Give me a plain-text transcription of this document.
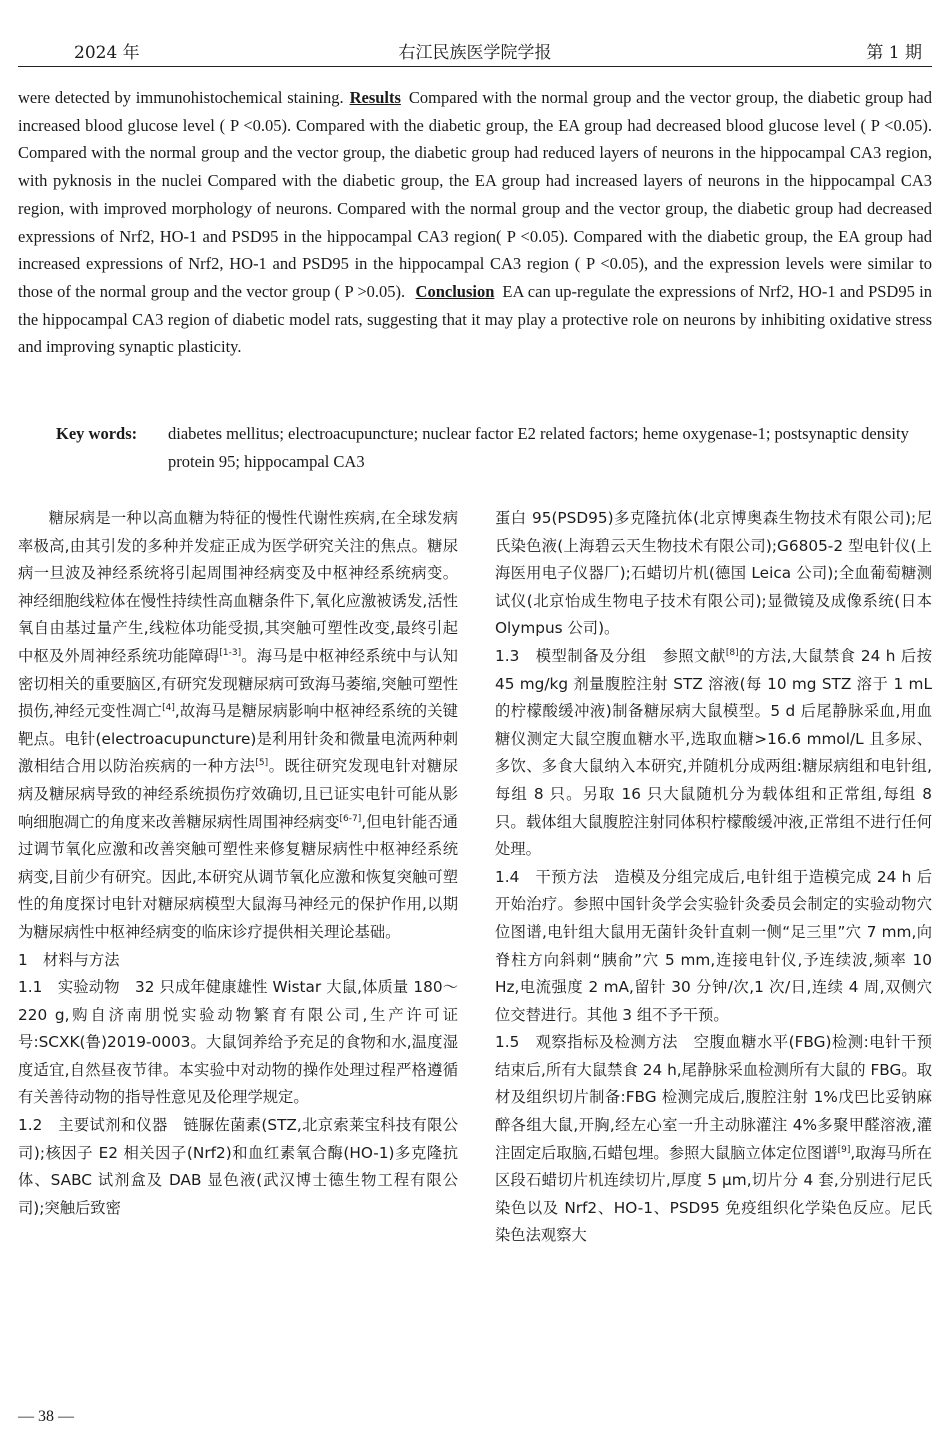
2024 年	右江民族医学院学报	第 1 期
were detected by immunohistochemical staining. Results Compared with the normal group and the vector group, the diabetic group had increased blood glucose level ( P <0.05). Compared with the diabetic group, the EA group had decreased blood glucose level ( P <0.05). Compared with the normal group and the vector group, the diabetic group had reduced layers of neurons in the hippocampal CA3 region, with pyknosis in the nuclei Compared with the diabetic group, the EA group had increased layers of neurons in the hippocampal CA3 region, with improved morphology of neurons. Compared with the normal group and the vector group, the diabetic group had decreased expressions of Nrf2, HO-1 and PSD95 in the hippocampal CA3 region( P <0.05). Compared with the diabetic group, the EA group had increased expressions of Nrf2, HO-1 and PSD95 in the hippocampal CA3 region ( P <0.05), and the expression levels were similar to those of the normal group and the vector group ( P >0.05). Conclusion EA can up-regulate the expressions of Nrf2, HO-1 and PSD95 in the hippocampal CA3 region of diabetic model rats, suggesting that it may play a protective role on neurons by inhibiting oxidative stress and improving synaptic plasticity.
Key words: diabetes mellitus; electroacupuncture; nuclear factor E2 related factors; heme oxygenase-1; postsynaptic density protein 95; hippocampal CA3

糖尿病是一种以高血糖为特征的慢性代谢性疾病,在全球发病率极高,由其引发的多种并发症正成为医学研究关注的焦点。糖尿病一旦波及神经系统将引起周围神经病变及中枢神经系统病变。神经细胞线粒体在慢性持续性高血糖条件下,氧化应激被诱发,活性氧自由基过量产生,线粒体功能受损,其突触可塑性改变,最终引起中枢及外周神经系统功能障碍[1-3]。海马是中枢神经系统中与认知密切相关的重要脑区,有研究发现糖尿病可致海马萎缩,突触可塑性损伤,神经元变性凋亡[4],故海马是糖尿病影响中枢神经系统的关键靶点。电针(electroacupuncture)是利用针灸和微量电流两种刺激相结合用以防治疾病的一种方法[5]。既往研究发现电针对糖尿病及糖尿病导致的神经系统损伤疗效确切,且已证实电针可能从影响细胞凋亡的角度来改善糖尿病性周围神经病变[6-7],但电针能否通过调节氧化应激和改善突触可塑性来修复糖尿病性中枢神经系统病变,目前少有研究。因此,本研究从调节氧化应激和恢复突触可塑性的角度探讨电针对糖尿病模型大鼠海马神经元的保护作用,以期为糖尿病性中枢神经病变的临床诊疗提供相关理论基础。

1　材料与方法

1.1　实验动物　32 只成年健康雄性 Wistar 大鼠,体质量 180～220 g,购自济南朋悦实验动物繁育有限公司,生产许可证号:SCXK(鲁)2019-0003。大鼠饲养给予充足的食物和水,温度湿度适宜,自然昼夜节律。本实验中对动物的操作处理过程严格遵循有关善待动物的指导性意见及伦理学规定。

1.2　主要试剂和仪器　链脲佐菌素(STZ,北京索莱宝科技有限公司);核因子 E2 相关因子(Nrf2)和血红素氧合酶(HO-1)多克隆抗体、SABC 试剂盒及 DAB 显色液(武汉博士德生物工程有限公司);突触后致密

蛋白 95(PSD95)多克隆抗体(北京博奥森生物技术有限公司);尼氏染色液(上海碧云天生物技术有限公司);G6805-2 型电针仪(上海医用电子仪器厂);石蜡切片机(德国 Leica 公司);全血葡萄糖测试仪(北京怡成生物电子技术有限公司);显微镜及成像系统(日本 Olympus 公司)。

1.3　模型制备及分组　参照文献[8]的方法,大鼠禁食 24 h 后按 45 mg/kg 剂量腹腔注射 STZ 溶液(每 10 mg STZ 溶于 1 mL 的柠檬酸缓冲液)制备糖尿病大鼠模型。5 d 后尾静脉采血,用血糖仪测定大鼠空腹血糖水平,选取血糖>16.6 mmol/L 且多尿、多饮、多食大鼠纳入本研究,并随机分成两组:糖尿病组和电针组,每组 8 只。另取 16 只大鼠随机分为载体组和正常组,每组 8 只。载体组大鼠腹腔注射同体积柠檬酸缓冲液,正常组不进行任何处理。

1.4　干预方法　造模及分组完成后,电针组于造模完成 24 h 后开始治疗。参照中国针灸学会实验针灸委员会制定的实验动物穴位图谱,电针组大鼠用无菌针灸针直刺一侧“足三里”穴 7 mm,向脊柱方向斜刺“胰俞”穴 5 mm,连接电针仪,予连续波,频率 10 Hz,电流强度 2 mA,留针 30 分钟/次,1 次/日,连续 4 周,双侧穴位交替进行。其他 3 组不予干预。

1.5　观察指标及检测方法　空腹血糖水平(FBG)检测:电针干预结束后,所有大鼠禁食 24 h,尾静脉采血检测所有大鼠的 FBG。取材及组织切片制备:FBG 检测完成后,腹腔注射 1%戊巴比妥钠麻醉各组大鼠,开胸,经左心室一升主动脉灌注 4%多聚甲醛溶液,灌注固定后取脑,石蜡包埋。参照大鼠脑立体定位图谱[9],取海马所在区段石蜡切片机连续切片,厚度 5 μm,切片分 4 套,分别进行尼氏染色以及 Nrf2、HO-1、PSD95 免疫组织化学染色反应。尼氏染色法观察大

— 38 —
